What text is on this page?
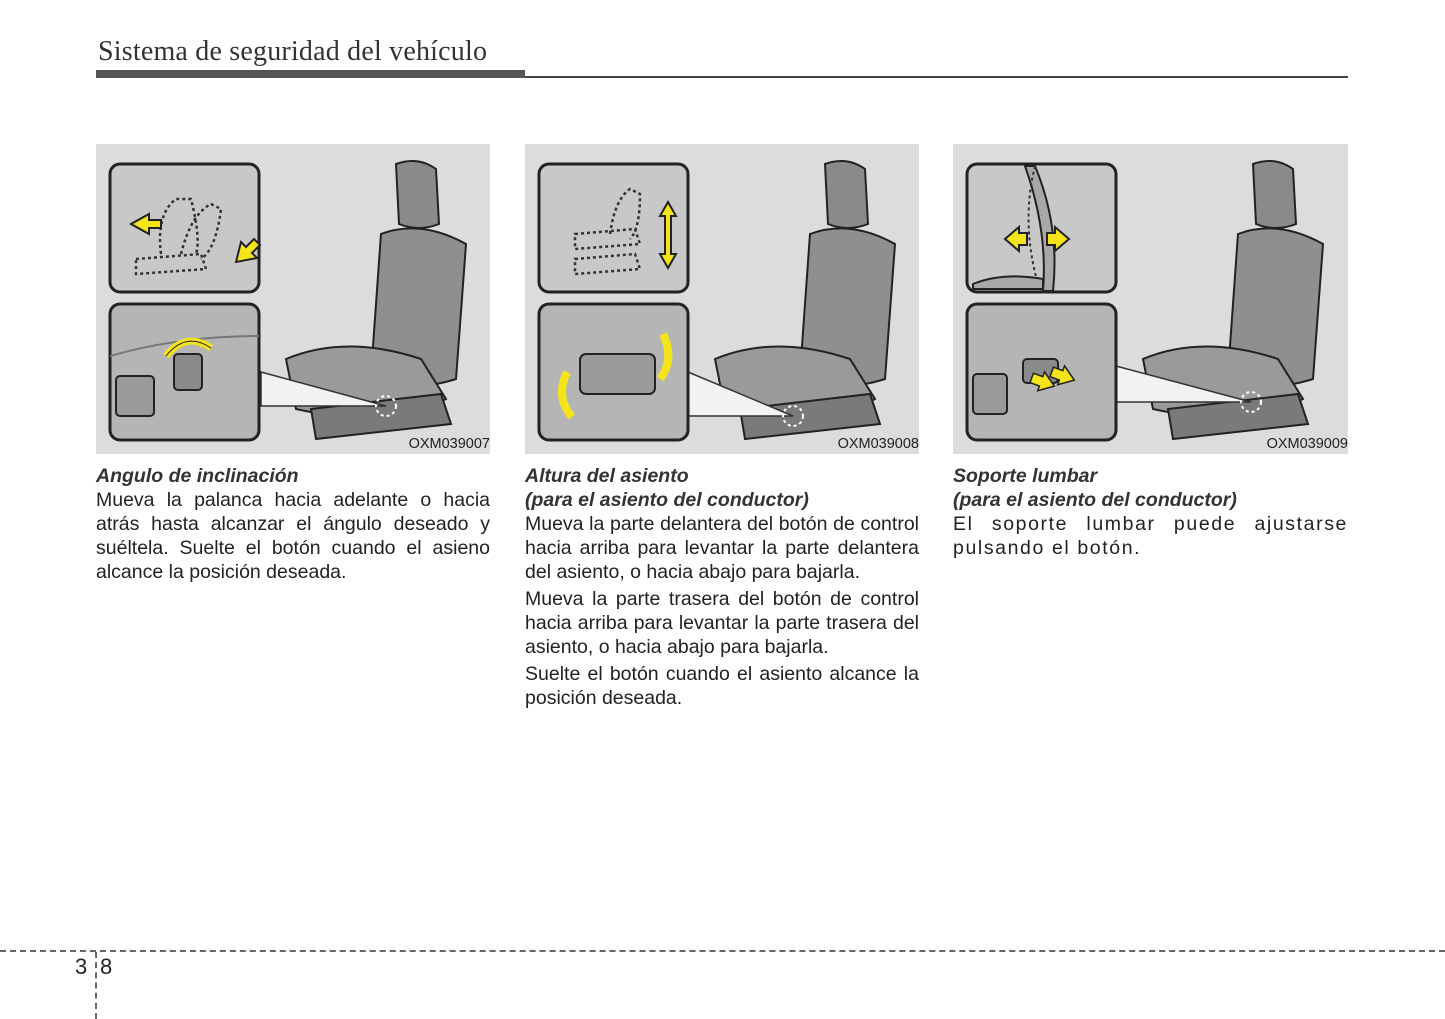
Sistema de seguridad del vehículo
OXM039007
Angulo de inclinación

Mueva la palanca hacia adelante o hacia atrás hasta alcanzar el ángulo deseado y suéltela. Suelte el botón cuando el asieno alcance la posición deseada.

OXM039008
Altura del asiento
(para el asiento del conductor)

Mueva la parte delantera del botón de control hacia arriba para levantar la parte delantera del asiento, o hacia abajo para bajarla.

Mueva la parte trasera del botón de control hacia arriba para levantar la parte trasera del asiento, o hacia abajo para bajarla.

Suelte el botón cuando el asiento alcance la posición deseada.

OXM039009
Soporte lumbar
(para el asiento del conductor)

El soporte lumbar puede ajustarse pulsando el botón.

3 8
